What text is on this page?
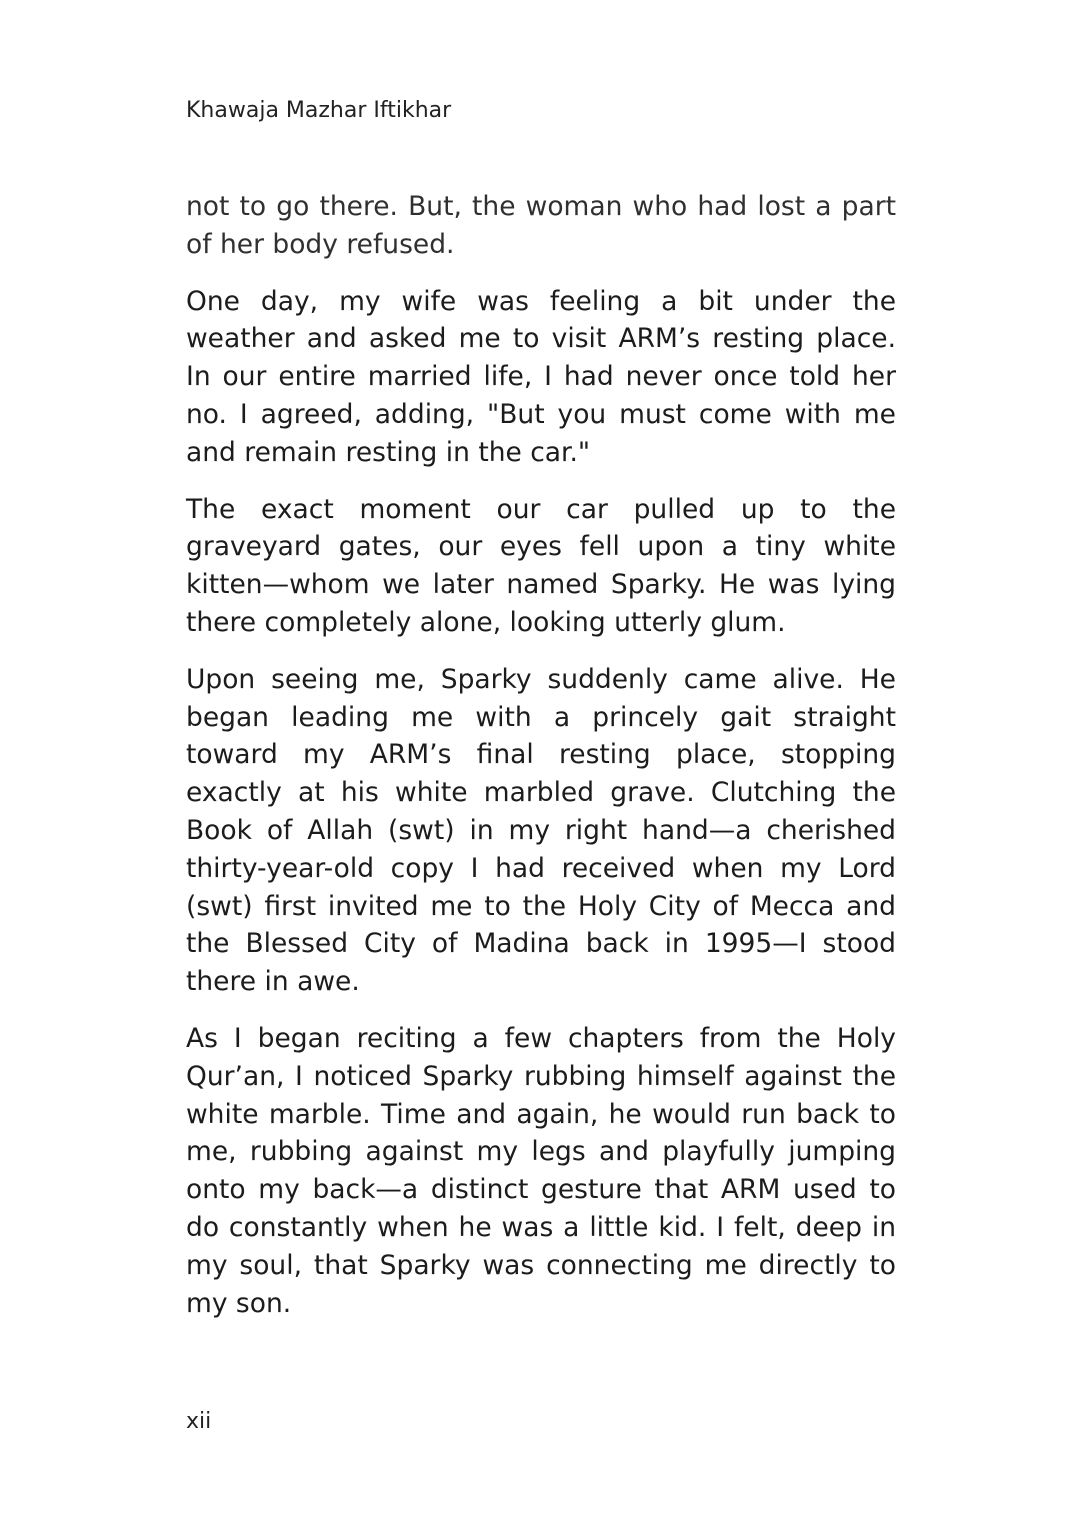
Khawaja Mazhar Iftikhar

not to go there. But, the woman who had lost a part of her body refused.

One day, my wife was feeling a bit under the weather and asked me to visit ARM’s resting place. In our entire married life, I had never once told her no. I agreed, adding, "But you must come with me and remain resting in the car."

The exact moment our car pulled up to the graveyard gates, our eyes fell upon a tiny white kitten—whom we later named Sparky. He was lying there completely alone, looking utterly glum.

Upon seeing me, Sparky suddenly came alive. He began leading me with a princely gait straight toward my ARM’s final resting place, stopping exactly at his white marbled grave. Clutching the Book of Allah (swt) in my right hand—a cherished thirty-year-old copy I had received when my Lord (swt) first invited me to the Holy City of Mecca and the Blessed City of Madina back in 1995—I stood there in awe.

As I began reciting a few chapters from the Holy Qur’an, I noticed Sparky rubbing himself against the white marble. Time and again, he would run back to me, rubbing against my legs and playfully jumping onto my back—a distinct gesture that ARM used to do constantly when he was a little kid. I felt, deep in my soul, that Sparky was connecting me directly to my son.

xii
